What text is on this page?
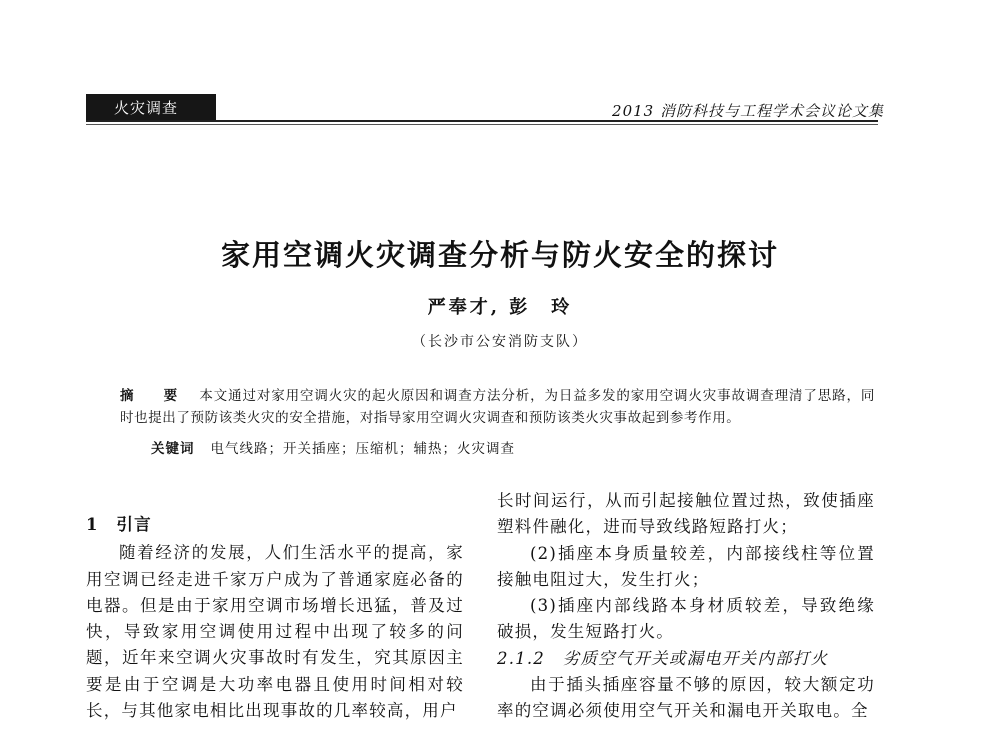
火灾调查	2013 消防科技与工程学术会议论文集
家用空调火灾调查分析与防火安全的探讨
严奉才, 彭　玲
（长沙市公安消防支队）
摘　要 本文通过对家用空调火灾的起火原因和调查方法分析，为日益多发的家用空调火灾事故调查理清了思路，同时也提出了预防该类火灾的安全措施，对指导家用空调火灾调查和预防该类火灾事故起到参考作用。
关键词 电气线路；开关插座；压缩机；辅热；火灾调查

1　引言

随着经济的发展，人们生活水平的提高，家用空调已经走进千家万户成为了普通家庭必备的电器。但是由于家用空调市场增长迅猛，普及过快，导致家用空调使用过程中出现了较多的问题，近年来空调火灾事故时有发生，究其原因主要是由于空调是大功率电器且使用时间相对较长，与其他家电相比出现事故的几率较高，用户

长时间运行，从而引起接触位置过热，致使插座塑料件融化，进而导致线路短路打火；

(2)插座本身质量较差，内部接线柱等位置接触电阻过大，发生打火；

(3)插座内部线路本身材质较差，导致绝缘破损，发生短路打火。

2.1.2　劣质空气开关或漏电开关内部打火

由于插头插座容量不够的原因，较大额定功率的空调必须使用空气开关和漏电开关取电。全
